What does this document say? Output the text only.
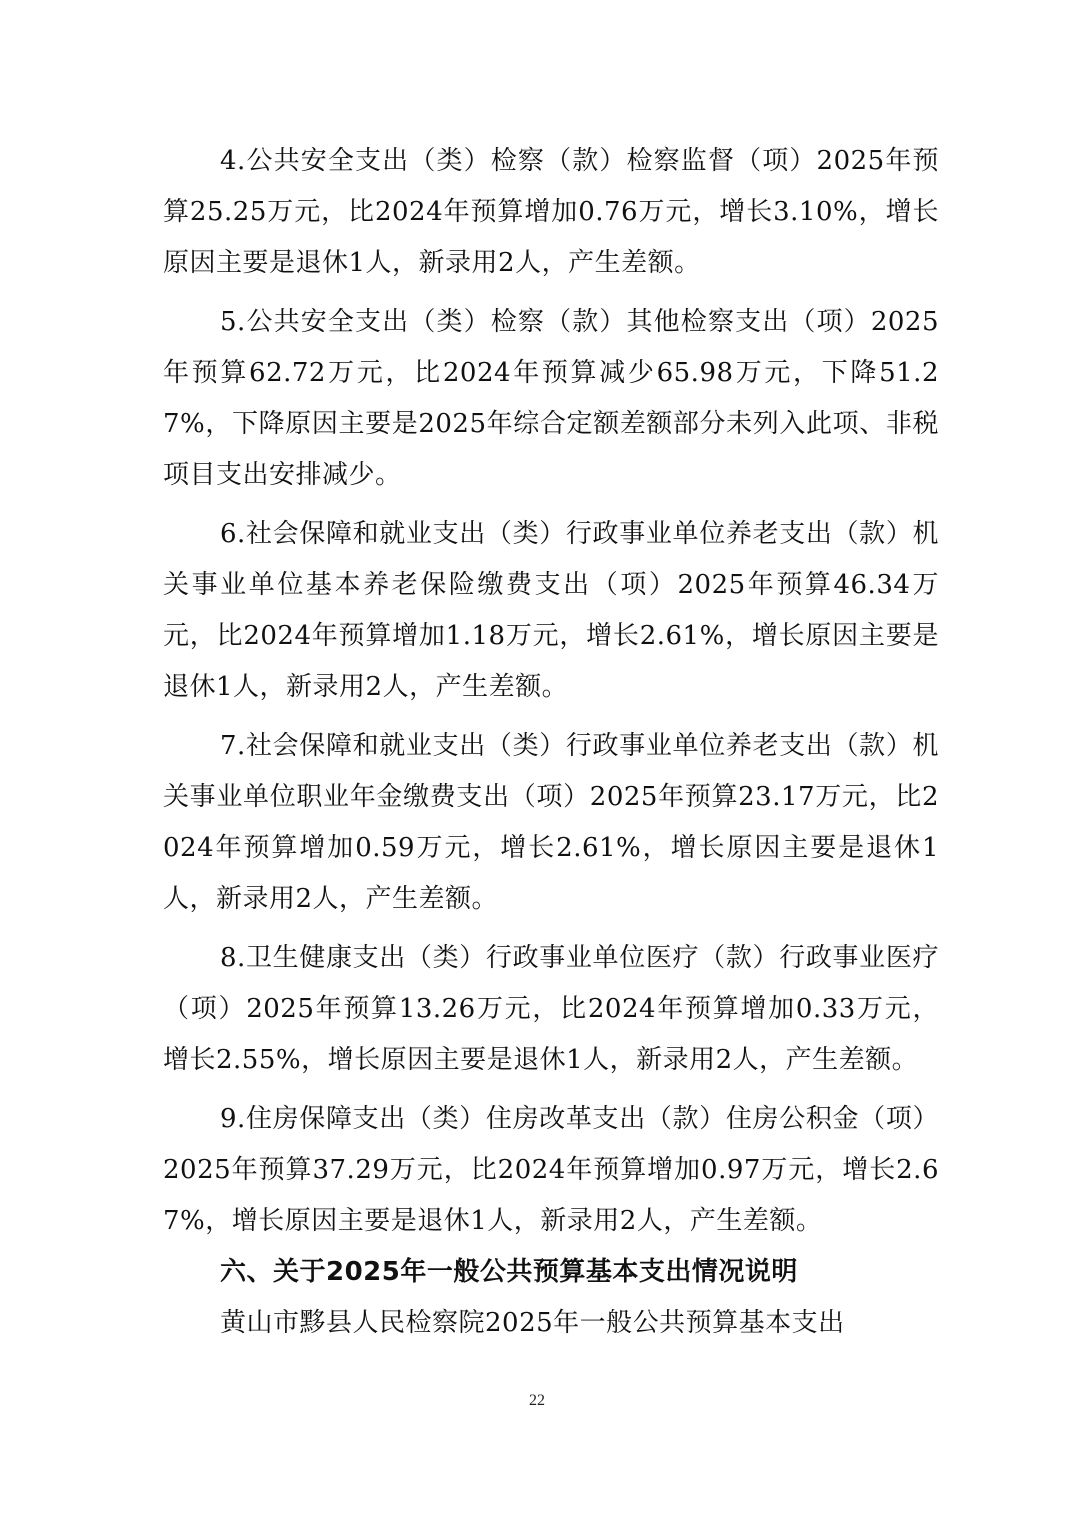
4.公共安全支出（类）检察（款）检察监督（项）2025年预算25.25万元，比2024年预算增加0.76万元，增长3.10%，增长原因主要是退休1人，新录用2人，产生差额。

5.公共安全支出（类）检察（款）其他检察支出（项）2025年预算62.72万元，比2024年预算减少65.98万元，下降51.27%，下降原因主要是2025年综合定额差额部分未列入此项、非税项目支出安排减少。

6.社会保障和就业支出（类）行政事业单位养老支出（款）机关事业单位基本养老保险缴费支出（项）2025年预算46.34万元，比2024年预算增加1.18万元，增长2.61%，增长原因主要是退休1人，新录用2人，产生差额。

7.社会保障和就业支出（类）行政事业单位养老支出（款）机关事业单位职业年金缴费支出（项）2025年预算23.17万元，比2024年预算增加0.59万元，增长2.61%，增长原因主要是退休1人，新录用2人，产生差额。

8.卫生健康支出（类）行政事业单位医疗（款）行政事业医疗（项）2025年预算13.26万元，比2024年预算增加0.33万元，增长2.55%，增长原因主要是退休1人，新录用2人，产生差额。

9.住房保障支出（类）住房改革支出（款）住房公积金（项）2025年预算37.29万元，比2024年预算增加0.97万元，增长2.67%，增长原因主要是退休1人，新录用2人，产生差额。

六、关于2025年一般公共预算基本支出情况说明

黄山市黟县人民检察院2025年一般公共预算基本支出

22
